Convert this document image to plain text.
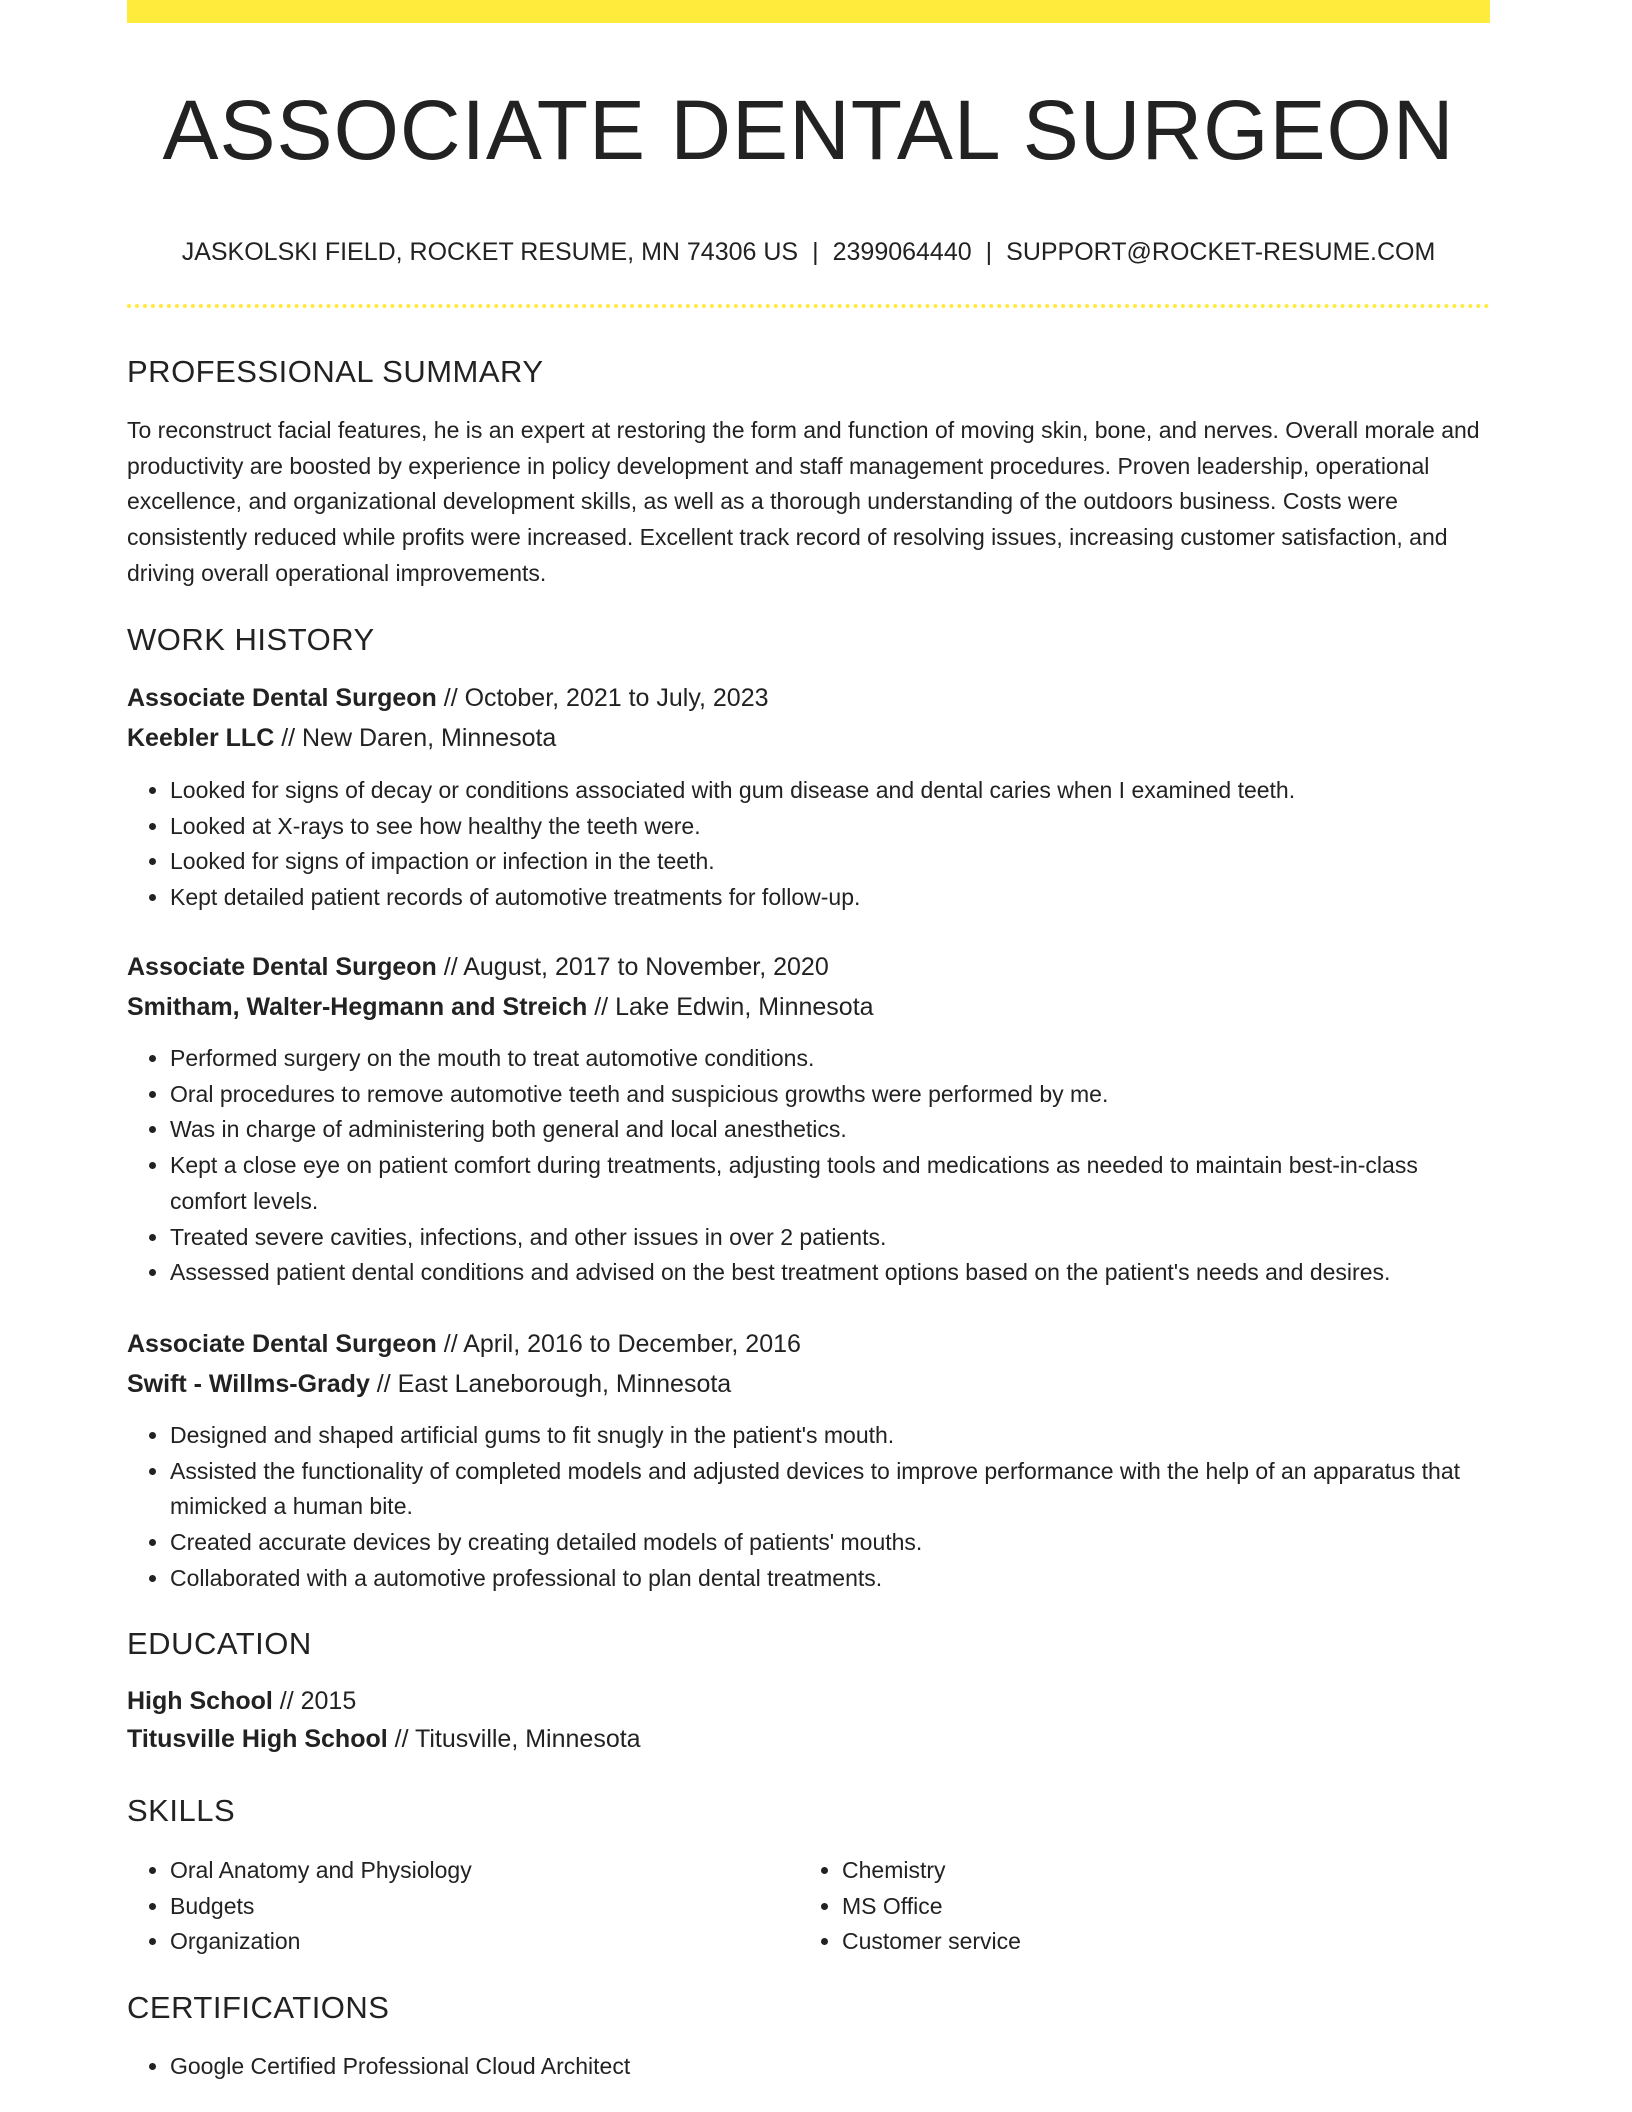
ASSOCIATE DENTAL SURGEON
JASKOLSKI FIELD, ROCKET RESUME, MN 74306 US | 2399064440 | SUPPORT@ROCKET-RESUME.COM
PROFESSIONAL SUMMARY
To reconstruct facial features, he is an expert at restoring the form and function of moving skin, bone, and nerves. Overall morale and productivity are boosted by experience in policy development and staff management procedures. Proven leadership, operational excellence, and organizational development skills, as well as a thorough understanding of the outdoors business. Costs were consistently reduced while profits were increased. Excellent track record of resolving issues, increasing customer satisfaction, and driving overall operational improvements.
WORK HISTORY
Associate Dental Surgeon // October, 2021 to July, 2023
Keebler LLC // New Daren, Minnesota
• Looked for signs of decay or conditions associated with gum disease and dental caries when I examined teeth.
• Looked at X-rays to see how healthy the teeth were.
• Looked for signs of impaction or infection in the teeth.
• Kept detailed patient records of automotive treatments for follow-up.
Associate Dental Surgeon // August, 2017 to November, 2020
Smitham, Walter-Hegmann and Streich // Lake Edwin, Minnesota
• Performed surgery on the mouth to treat automotive conditions.
• Oral procedures to remove automotive teeth and suspicious growths were performed by me.
• Was in charge of administering both general and local anesthetics.
• Kept a close eye on patient comfort during treatments, adjusting tools and medications as needed to maintain best-in-class comfort levels.
• Treated severe cavities, infections, and other issues in over 2 patients.
• Assessed patient dental conditions and advised on the best treatment options based on the patient's needs and desires.
Associate Dental Surgeon // April, 2016 to December, 2016
Swift - Willms-Grady // East Laneborough, Minnesota
• Designed and shaped artificial gums to fit snugly in the patient's mouth.
• Assisted the functionality of completed models and adjusted devices to improve performance with the help of an apparatus that mimicked a human bite.
• Created accurate devices by creating detailed models of patients' mouths.
• Collaborated with a automotive professional to plan dental treatments.
EDUCATION
High School // 2015
Titusville High School // Titusville, Minnesota
SKILLS
• Oral Anatomy and Physiology
• Budgets
• Organization
• Chemistry
• MS Office
• Customer service
CERTIFICATIONS
• Google Certified Professional Cloud Architect
